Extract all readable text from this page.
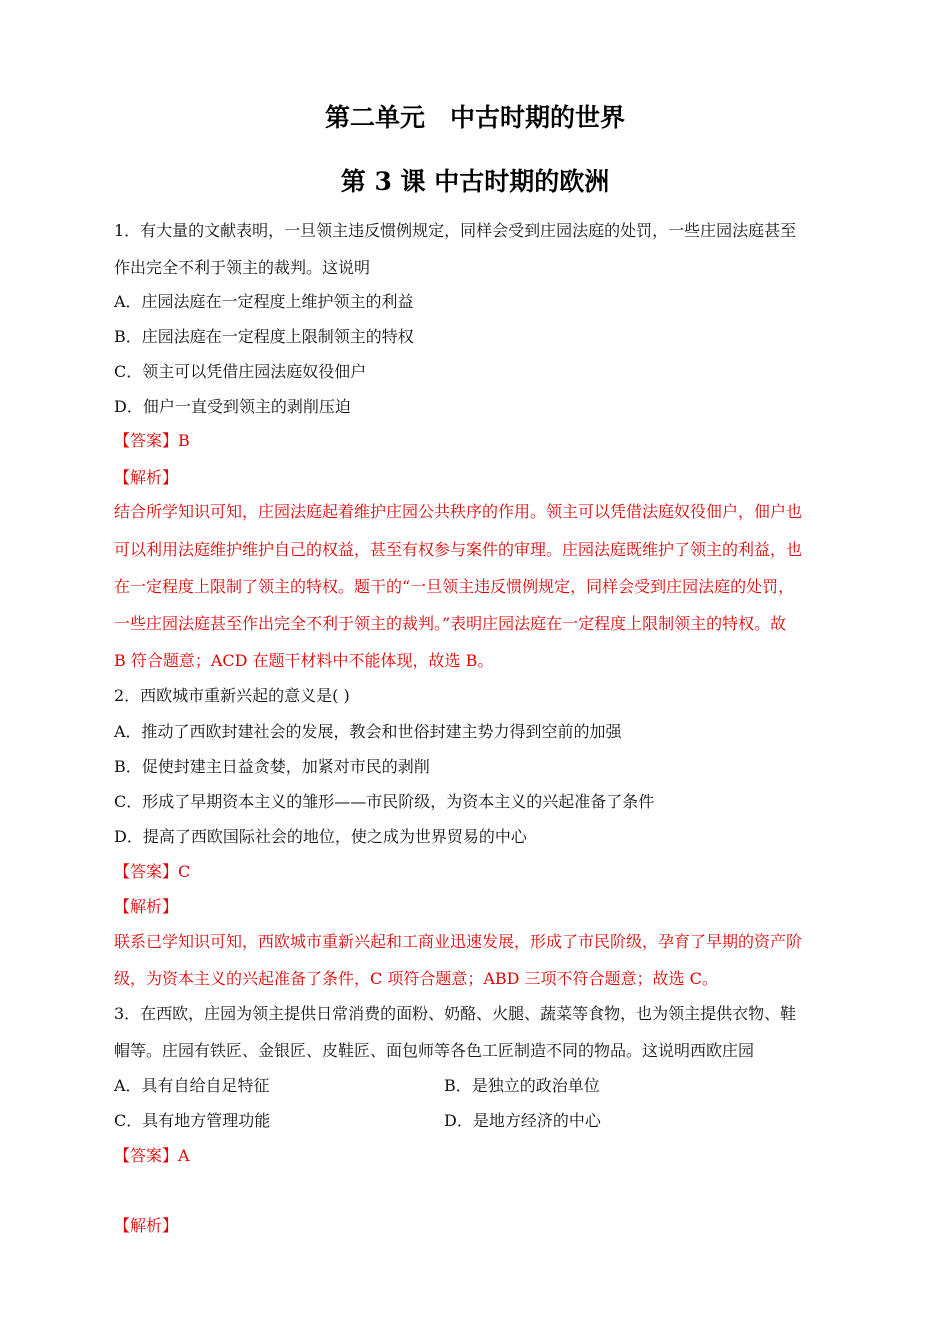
第二单元　中古时期的世界
第 3 课 中古时期的欧洲
1．有大量的文献表明，一旦领主违反惯例规定，同样会受到庄园法庭的处罚，一些庄园法庭甚至
作出完全不利于领主的裁判。这说明
A．庄园法庭在一定程度上维护领主的利益
B．庄园法庭在一定程度上限制领主的特权
C．领主可以凭借庄园法庭奴役佃户
D．佃户一直受到领主的剥削压迫
【答案】B
【解析】
结合所学知识可知，庄园法庭起着维护庄园公共秩序的作用。领主可以凭借法庭奴役佃户，佃户也
可以利用法庭维护维护自己的权益，甚至有权参与案件的审理。庄园法庭既维护了领主的利益，也
在一定程度上限制了领主的特权。题干的“一旦领主违反惯例规定，同样会受到庄园法庭的处罚，
一些庄园法庭甚至作出完全不利于领主的裁判。”表明庄园法庭在一定程度上限制领主的特权。故
B 符合题意；ACD 在题干材料中不能体现，故选 B。
2．西欧城市重新兴起的意义是( )
A．推动了西欧封建社会的发展，教会和世俗封建主势力得到空前的加强
B．促使封建主日益贪婪，加紧对市民的剥削
C．形成了早期资本主义的雏形——市民阶级，为资本主义的兴起准备了条件
D．提高了西欧国际社会的地位，使之成为世界贸易的中心
【答案】C
【解析】
联系已学知识可知，西欧城市重新兴起和工商业迅速发展，形成了市民阶级，孕育了早期的资产阶
级，为资本主义的兴起准备了条件，C 项符合题意；ABD 三项不符合题意；故选 C。
3．在西欧，庄园为领主提供日常消费的面粉、奶酪、火腿、蔬菜等食物，也为领主提供衣物、鞋
帽等。庄园有铁匠、金银匠、皮鞋匠、面包师等各色工匠制造不同的物品。这说明西欧庄园
A．具有自给自足特征	B．是独立的政治单位
C．具有地方管理功能	D．是地方经济的中心
【答案】A
【解析】
